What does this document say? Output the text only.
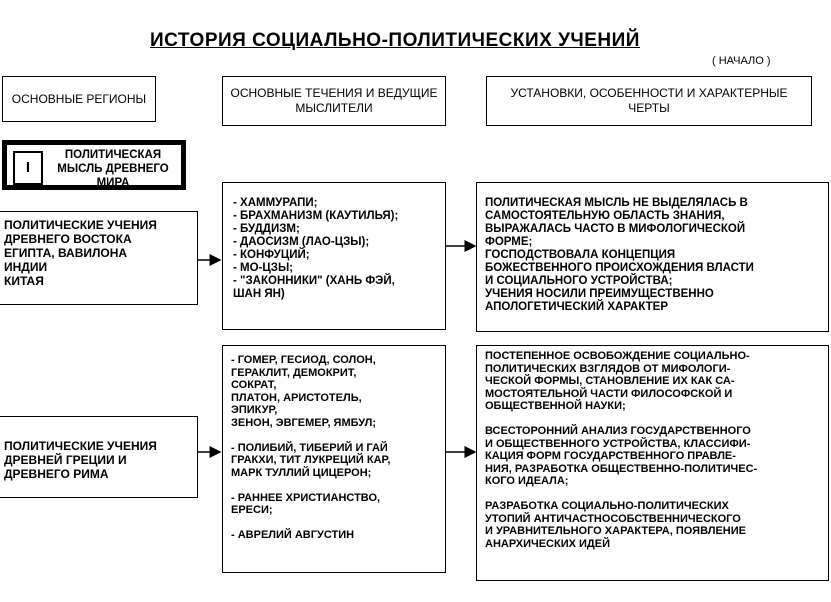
ИСТОРИЯ СОЦИАЛЬНО-ПОЛИТИЧЕСКИХ УЧЕНИЙ
( НАЧАЛО )
ОСНОВНЫЕ РЕГИОНЫ	ОСНОВНЫЕ ТЕЧЕНИЯ И ВЕДУЩИЕ МЫСЛИТЕЛИ
УСТАНОВКИ, ОСОБЕННОСТИ И ХАРАКТЕРНЫЕ ЧЕРТЫ
I
ПОЛИТИЧЕСКАЯ МЫСЛЬ ДРЕВНЕГО МИРА
ПОЛИТИЧЕСКИЕ УЧЕНИЯ
ДРЕВНЕГО ВОСТОКА
ЕГИПТА, ВАВИЛОНА
ИНДИИ
КИТАЯ
- ХАММУРАПИ;
- БРАХМАНИЗМ (КАУТИЛЬЯ);
- БУДДИЗМ;
- ДАОСИЗМ (ЛАО-ЦЗЫ);
- КОНФУЦИЙ;
- МО-ЦЗЫ;
- "ЗАКОННИКИ" (ХАНЬ ФЭЙ,
ШАН ЯН)
ПОЛИТИЧЕСКАЯ МЫСЛЬ НЕ ВЫДЕЛЯЛАСЬ В
САМОСТОЯТЕЛЬНУЮ ОБЛАСТЬ ЗНАНИЯ,
ВЫРАЖАЛАСЬ ЧАСТО В МИФОЛОГИЧЕСКОЙ
ФОРМЕ;
ГОСПОДСТВОВАЛА КОНЦЕПЦИЯ
БОЖЕСТВЕННОГО ПРОИСХОЖДЕНИЯ ВЛАСТИ
И СОЦИАЛЬНОГО УСТРОЙСТВА;
УЧЕНИЯ НОСИЛИ ПРЕИМУЩЕСТВЕННО
АПОЛОГЕТИЧЕСКИЙ ХАРАКТЕР
ПОЛИТИЧЕСКИЕ УЧЕНИЯ
ДРЕВНЕЙ ГРЕЦИИ И
ДРЕВНЕГО РИМА
- ГОМЕР, ГЕСИОД, СОЛОН,
ГЕРАКЛИТ, ДЕМОКРИТ,
СОКРАТ,
ПЛАТОН, АРИСТОТЕЛЬ,
ЭПИКУР,
ЗЕНОН, ЭВГЕМЕР, ЯМБУЛ;

- ПОЛИБИЙ, ТИБЕРИЙ И ГАЙ
ГРАКХИ, ТИТ ЛУКРЕЦИЙ КАР,
МАРК ТУЛЛИЙ ЦИЦЕРОН;

- РАННЕЕ ХРИСТИАНСТВО,
ЕРЕСИ;

- АВРЕЛИЙ АВГУСТИН
ПОСТЕПЕННОЕ ОСВОБОЖДЕНИЕ СОЦИАЛЬНО-
ПОЛИТИЧЕСКИХ ВЗГЛЯДОВ ОТ МИФОЛОГИ-
ЧЕСКОЙ ФОРМЫ, СТАНОВЛЕНИЕ ИХ КАК СА-
МОСТОЯТЕЛЬНОЙ ЧАСТИ ФИЛОСОФСКОЙ И
ОБЩЕСТВЕННОЙ НАУКИ;

ВСЕСТОРОННИЙ АНАЛИЗ ГОСУДАРСТВЕННОГО
И ОБЩЕСТВЕННОГО УСТРОЙСТВА, КЛАССИФИ-
КАЦИЯ ФОРМ ГОСУДАРСТВЕННОГО ПРАВЛЕ-
НИЯ, РАЗРАБОТКА ОБЩЕСТВЕННО-ПОЛИТИЧЕС-
КОГО ИДЕАЛА;

РАЗРАБОТКА СОЦИАЛЬНО-ПОЛИТИЧЕСКИХ
УТОПИЙ АНТИЧАСТНОСОБСТВЕННИЧЕСКОГО
И УРАВНИТЕЛЬНОГО ХАРАКТЕРА, ПОЯВЛЕНИЕ
АНАРХИЧЕСКИХ ИДЕЙ
